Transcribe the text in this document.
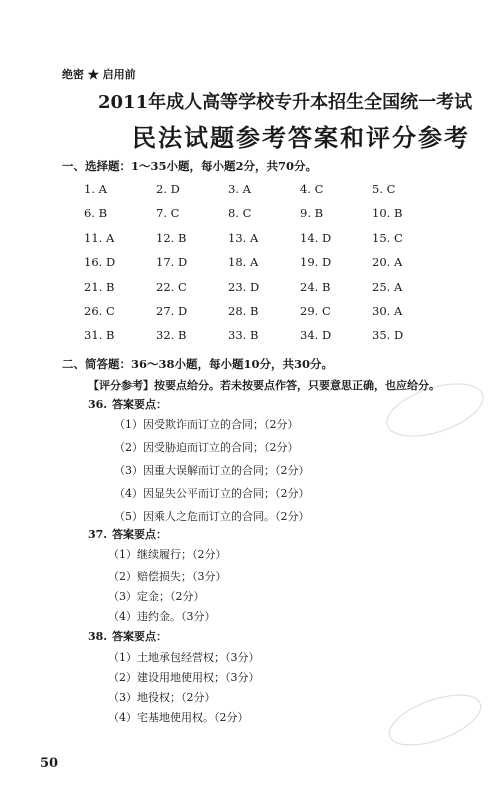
绝密 ★ 启用前
2011年成人高等学校专升本招生全国统一考试
民法试题参考答案和评分参考
一、选择题：1～35小题，每小题2分，共70分。
1. A	2. D	3. A	4. C	5. C
6. B	7. C	8. C	9. B	10. B
11. A	12. B	13. A	14. D	15. C
16. D	17. D	18. A	19. D	20. A
21. B	22. C	23. D	24. B	25. A
26. C	27. D	28. B	29. C	30. A
31. B	32. B	33. B	34. D	35. D
二、简答题：36～38小题，每小题10分，共30分。
【评分参考】按要点给分。若未按要点作答，只要意思正确，也应给分。
36. 答案要点：
（1）因受欺诈而订立的合同；（2分）
（2）因受胁迫而订立的合同；（2分）
（3）因重大误解而订立的合同；（2分）
（4）因显失公平而订立的合同；（2分）
（5）因乘人之危而订立的合同。（2分）
37. 答案要点：
（1）继续履行；（2分）
（2）赔偿损失；（3分）
（3）定金；（2分）
（4）违约金。（3分）
38. 答案要点：
（1）土地承包经营权；（3分）
（2）建设用地使用权；（3分）
（3）地役权；（2分）
（4）宅基地使用权。（2分）
50
